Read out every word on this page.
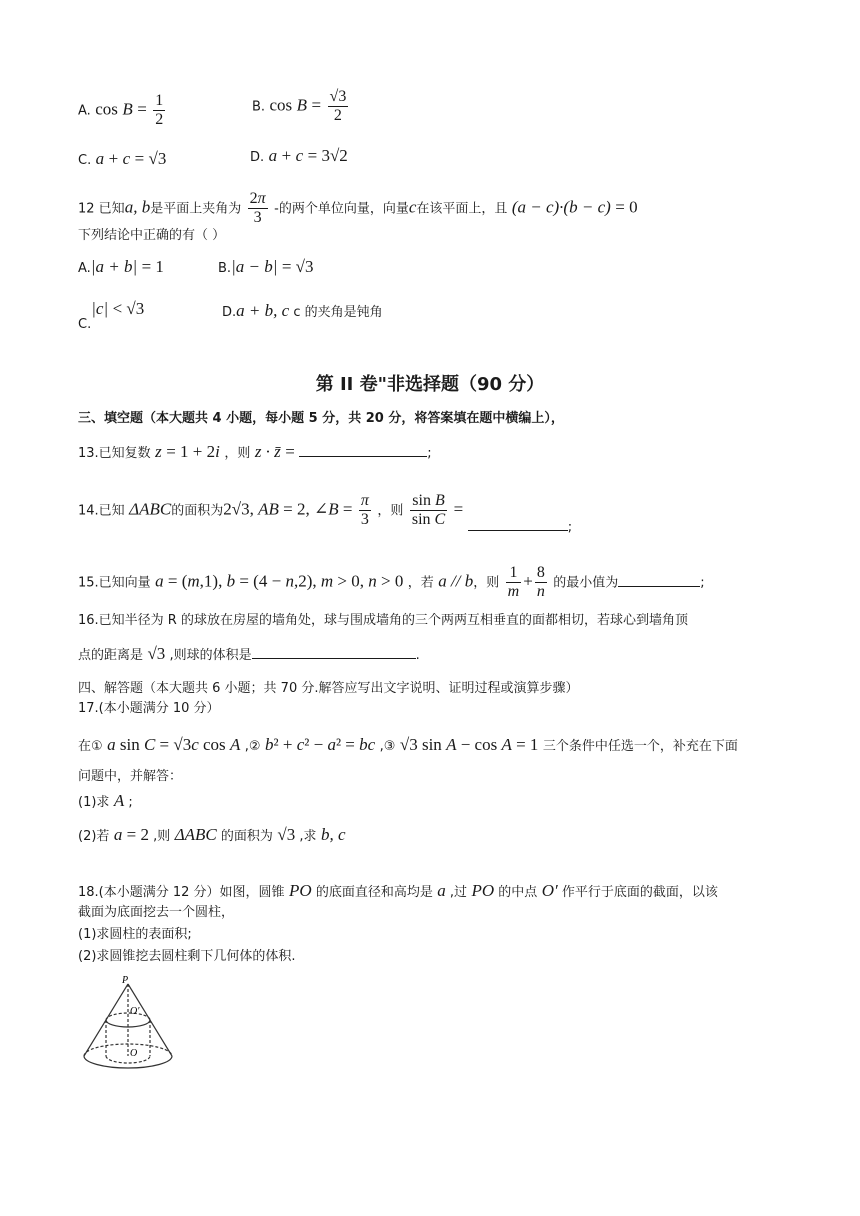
A. $\cos B = \frac{1}{2}$	B. $\cos B = \frac{√3}{2}$
C. a + c = √3	D. a + c = 3√2
12 已知a, b是平面上夹角为 $\frac{2\pi}{3}$ -的两个单位向量，向量c在该平面上，且 (a − c)·(b − c) = 0
下列结论中正确的有（ ）
A.|a + b| = 1	B.|a − b| = √3
C.|c| < √3	D.a + b, c c 的夹角是钝角
第 II 卷"非选择题（90 分）
三、填空题（本大题共 4 小题，每小题 5 分，共 20 分，将答案填在题中横编上），
13.已知复数 z = 1 + 2i ，则 z · z̄ =	;
14.已知 ΔABC的面积为2√3, AB = 2, ∠B = $\frac{\pi}{3}$ ，则 $\frac{\text{sin B}}{\text{sin C}}$ = ;
15.已知向量 a = (m,1), b = (4 − n,2), m > 0, n > 0 ，若 a // b，则 $\frac{1}{m} + \frac{8}{n}$ 的最小值为	;
16.已知半径为 R 的球放在房屋的墙角处，球与围成墙角的三个两两互相垂直的面都相切，若球心到墙角顶
点的距离是 √3 ,则球的体积是	.
四、解答题（本大题共 6 小题；共 70 分.解答应写出文字说明、证明过程或演算步骤）
17.(本小题满分 10 分）
在① a sin C = √3c cos A ,② b² + c² − a² = bc ,③ √3 sin A − cos A = 1 三个条件中任选一个，补充在下面
问题中，并解答：
(1)求 A ;
(2)若 a = 2 ,则 ΔABC 的面积为 √3 ,求 b, c
18.(本小题满分 12 分）如图，圆锥 PO 的底面直径和高均是 a ,过 PO 的中点 O′ 作平行于底面的截面，以该
截面为底面挖去一个圆柱，
(1)求圆柱的表面积;
(2)求圆锥挖去圆柱剩下几何体的体积.
P
O′
O
